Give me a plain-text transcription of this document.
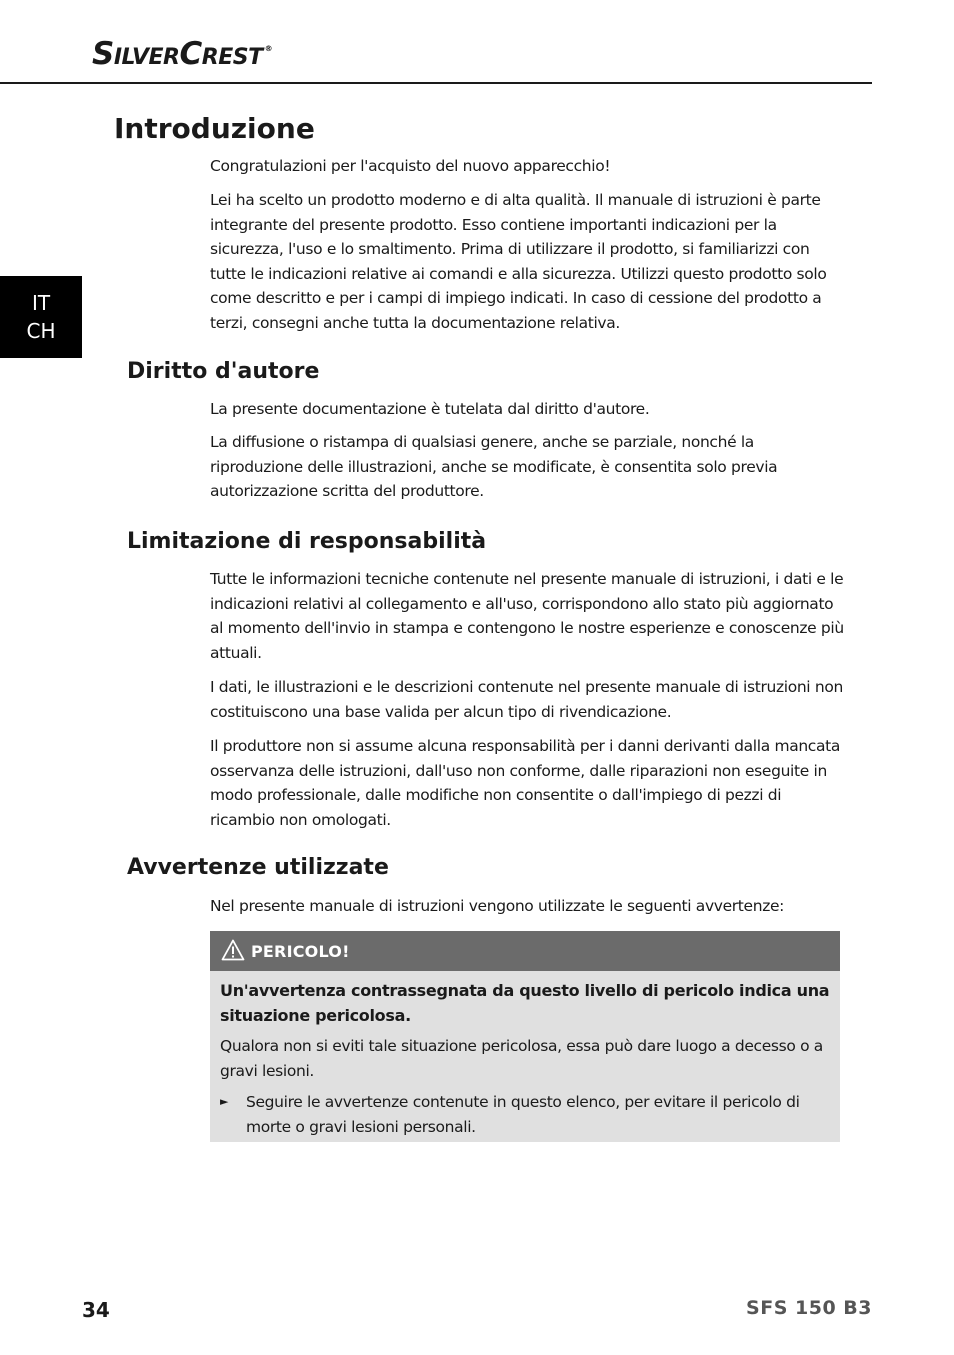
SILVERCREST ®
IT
CH
Introduzione

Congratulazioni per l'acquisto del nuovo apparecchio!

Lei ha scelto un prodotto moderno e di alta qualità. Il manuale di istruzioni è parte integrante del presente prodotto. Esso contiene importanti indicazioni per la sicurezza, l'uso e lo smaltimento. Prima di utilizzare il prodotto, si familiarizzi con tutte le indicazioni relative ai comandi e alla sicurezza. Utilizzi questo prodotto solo come descritto e per i campi di impiego indicati. In caso di cessione del prodotto a terzi, consegni anche tutta la documentazione relativa.

Diritto d'autore

La presente documentazione è tutelata dal diritto d'autore.

La diffusione o ristampa di qualsiasi genere, anche se parziale, nonché la riproduzione delle illustrazioni, anche se modificate, è consentita solo previa autorizzazione scritta del produttore.

Limitazione di responsabilità

Tutte le informazioni tecniche contenute nel presente manuale di istruzioni, i dati e le indicazioni relativi al collegamento e all'uso, corrispondono allo stato più aggiornato al momento dell'invio in stampa e contengono le nostre esperienze e conoscenze più attuali.

I dati, le illustrazioni e le descrizioni contenute nel presente manuale di istruzioni non costituiscono una base valida per alcun tipo di rivendicazione.

Il produttore non si assume alcuna responsabilità per i danni derivanti dalla mancata osservanza delle istruzioni, dall'uso non conforme, dalle riparazioni non eseguite in modo professionale, dalle modifiche non consentite o dall'impiego di pezzi di ricambio non omologati.

Avvertenze utilizzate

Nel presente manuale di istruzioni vengono utilizzate le seguenti avvertenze:

PERICOLO!

Un'avvertenza contrassegnata da questo livello di pericolo indica una situazione pericolosa.

Qualora non si eviti tale situazione pericolosa, essa può dare luogo a decesso o a gravi lesioni.

► Seguire le avvertenze contenute in questo elenco, per evitare il pericolo di morte o gravi lesioni personali.

34	SFS 150 B3
